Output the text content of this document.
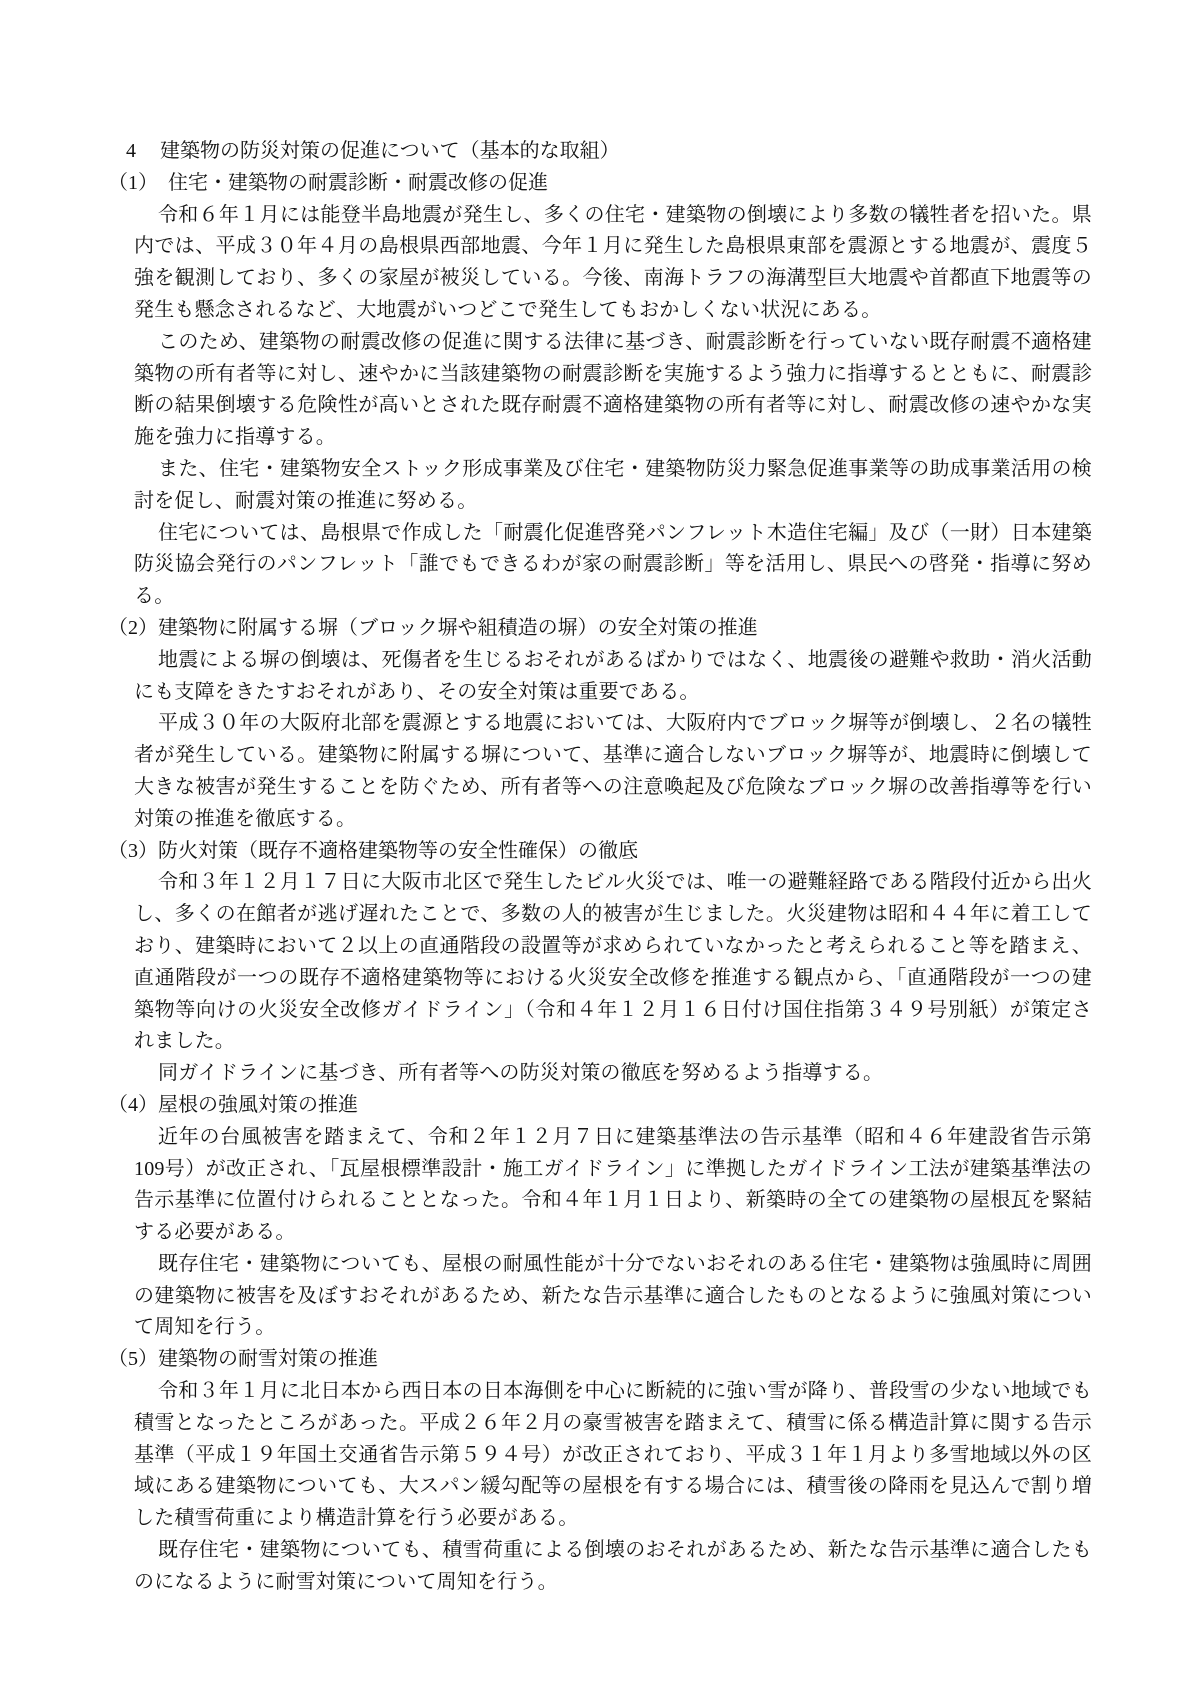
4 建築物の防災対策の促進について（基本的な取組）
（1）　住宅・建築物の耐震診断・耐震改修の促進

令和６年１月には能登半島地震が発生し、多くの住宅・建築物の倒壊により多数の犠牲者を招いた。県内では、平成３０年４月の島根県西部地震、今年１月に発生した島根県東部を震源とする地震が、震度５強を観測しており、多くの家屋が被災している。今後、南海トラフの海溝型巨大地震や首都直下地震等の発生も懸念されるなど、大地震がいつどこで発生してもおかしくない状況にある。

このため、建築物の耐震改修の促進に関する法律に基づき、耐震診断を行っていない既存耐震不適格建築物の所有者等に対し、速やかに当該建築物の耐震診断を実施するよう強力に指導するとともに、耐震診断の結果倒壊する危険性が高いとされた既存耐震不適格建築物の所有者等に対し、耐震改修の速やかな実施を強力に指導する。

また、住宅・建築物安全ストック形成事業及び住宅・建築物防災力緊急促進事業等の助成事業活用の検討を促し、耐震対策の推進に努める。

住宅については、島根県で作成した「耐震化促進啓発パンフレット木造住宅編」及び（一財）日本建築防災協会発行のパンフレット「誰でもできるわが家の耐震診断」等を活用し、県民への啓発・指導に努める。

（2）建築物に附属する塀（ブロック塀や組積造の塀）の安全対策の推進

地震による塀の倒壊は、死傷者を生じるおそれがあるばかりではなく、地震後の避難や救助・消火活動にも支障をきたすおそれがあり、その安全対策は重要である。

平成３０年の大阪府北部を震源とする地震においては、大阪府内でブロック塀等が倒壊し、２名の犠牲者が発生している。建築物に附属する塀について、基準に適合しないブロック塀等が、地震時に倒壊して大きな被害が発生することを防ぐため、所有者等への注意喚起及び危険なブロック塀の改善指導等を行い対策の推進を徹底する。

（3）防火対策（既存不適格建築物等の安全性確保）の徹底

令和３年１２月１７日に大阪市北区で発生したビル火災では、唯一の避難経路である階段付近から出火し、多くの在館者が逃げ遅れたことで、多数の人的被害が生じました。火災建物は昭和４４年に着工しており、建築時において２以上の直通階段の設置等が求められていなかったと考えられること等を踏まえ、直通階段が一つの既存不適格建築物等における火災安全改修を推進する観点から、「直通階段が一つの建築物等向けの火災安全改修ガイドライン」（令和４年１２月１６日付け国住指第３４９号別紙）が策定されました。

同ガイドラインに基づき、所有者等への防災対策の徹底を努めるよう指導する。

（4）屋根の強風対策の推進

近年の台風被害を踏まえて、令和２年１２月７日に建築基準法の告示基準（昭和４６年建設省告示第109号）が改正され、「瓦屋根標準設計・施工ガイドライン」に準拠したガイドライン工法が建築基準法の告示基準に位置付けられることとなった。令和４年１月１日より、新築時の全ての建築物の屋根瓦を緊結する必要がある。

既存住宅・建築物についても、屋根の耐風性能が十分でないおそれのある住宅・建築物は強風時に周囲の建築物に被害を及ぼすおそれがあるため、新たな告示基準に適合したものとなるように強風対策について周知を行う。

（5）建築物の耐雪対策の推進

令和３年１月に北日本から西日本の日本海側を中心に断続的に強い雪が降り、普段雪の少ない地域でも積雪となったところがあった。平成２６年２月の豪雪被害を踏まえて、積雪に係る構造計算に関する告示基準（平成１９年国土交通省告示第５９４号）が改正されており、平成３１年１月より多雪地域以外の区域にある建築物についても、大スパン緩勾配等の屋根を有する場合には、積雪後の降雨を見込んで割り増した積雪荷重により構造計算を行う必要がある。

既存住宅・建築物についても、積雪荷重による倒壊のおそれがあるため、新たな告示基準に適合したものになるように耐雪対策について周知を行う。
